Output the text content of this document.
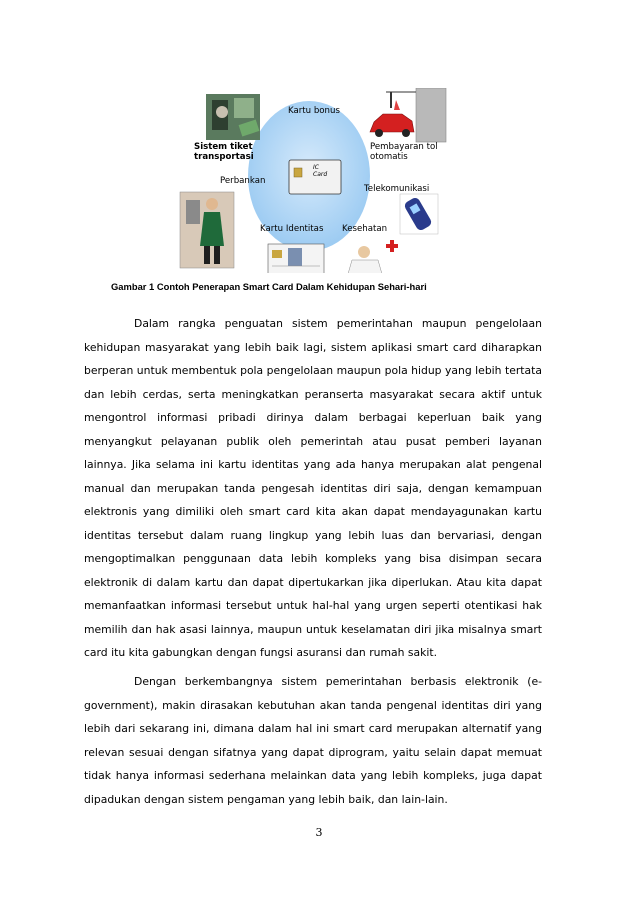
Kartu bonus
Sistem tiket
transportasi
Pembayaran tol
otomatis
Perbankan
Telekomunikasi
Kartu Identitas Kesehatan
IC
Card
Gambar 1 Contoh Penerapan Smart Card Dalam Kehidupan Sehari-hari

Dalam rangka penguatan sistem pemerintahan maupun pengelolaan kehidupan masyarakat yang lebih baik lagi, sistem aplikasi smart card diharapkan berperan untuk membentuk pola pengelolaan maupun pola hidup yang lebih tertata dan lebih cerdas, serta meningkatkan peranserta masyarakat secara aktif untuk mengontrol informasi pribadi dirinya dalam berbagai keperluan baik yang menyangkut pelayanan publik oleh pemerintah atau pusat pemberi layanan lainnya. Jika selama ini kartu identitas yang ada hanya merupakan alat pengenal manual dan merupakan tanda pengesah identitas diri saja, dengan kemampuan elektronis yang dimiliki oleh smart card kita akan dapat mendayagunakan kartu identitas tersebut dalam ruang lingkup yang lebih luas dan bervariasi, dengan mengoptimalkan penggunaan data lebih kompleks yang bisa disimpan secara elektronik di dalam kartu dan dapat dipertukarkan jika diperlukan. Atau kita dapat memanfaatkan informasi tersebut untuk hal-hal yang urgen seperti otentikasi hak memilih dan hak asasi lainnya, maupun untuk keselamatan diri jika misalnya smart card itu kita gabungkan dengan fungsi asuransi dan rumah sakit.

Dengan berkembangnya sistem pemerintahan berbasis elektronik (e-government), makin dirasakan kebutuhan akan tanda pengenal identitas diri yang lebih dari sekarang ini, dimana dalam hal ini smart card merupakan alternatif yang relevan sesuai dengan sifatnya yang dapat diprogram, yaitu selain dapat memuat tidak hanya informasi sederhana melainkan data yang lebih kompleks, juga dapat dipadukan dengan sistem pengaman yang lebih baik, dan lain-lain.

3
